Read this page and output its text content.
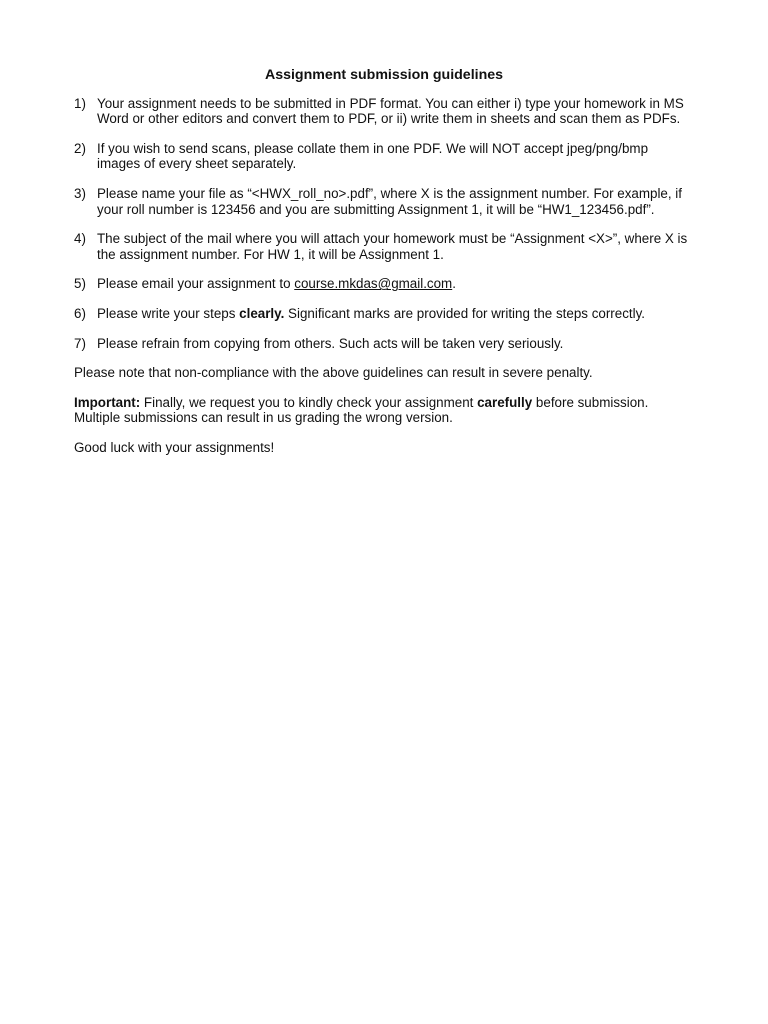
Assignment submission guidelines
1) Your assignment needs to be submitted in PDF format. You can either i) type your homework in MS Word or other editors and convert them to PDF, or ii) write them in sheets and scan them as PDFs.
2) If you wish to send scans, please collate them in one PDF. We will NOT accept jpeg/png/bmp images of every sheet separately.
3) Please name your file as “<HWX_roll_no>.pdf”, where X is the assignment number. For example, if your roll number is 123456 and you are submitting Assignment 1, it will be “HW1_123456.pdf”.
4) The subject of the mail where you will attach your homework must be “Assignment <X>”, where X is the assignment number. For HW 1, it will be Assignment 1.
5) Please email your assignment to course.mkdas@gmail.com.
6) Please write your steps clearly. Significant marks are provided for writing the steps correctly.
7) Please refrain from copying from others. Such acts will be taken very seriously.

Please note that non-compliance with the above guidelines can result in severe penalty.

Important: Finally, we request you to kindly check your assignment carefully before submission. Multiple submissions can result in us grading the wrong version.

Good luck with your assignments!
